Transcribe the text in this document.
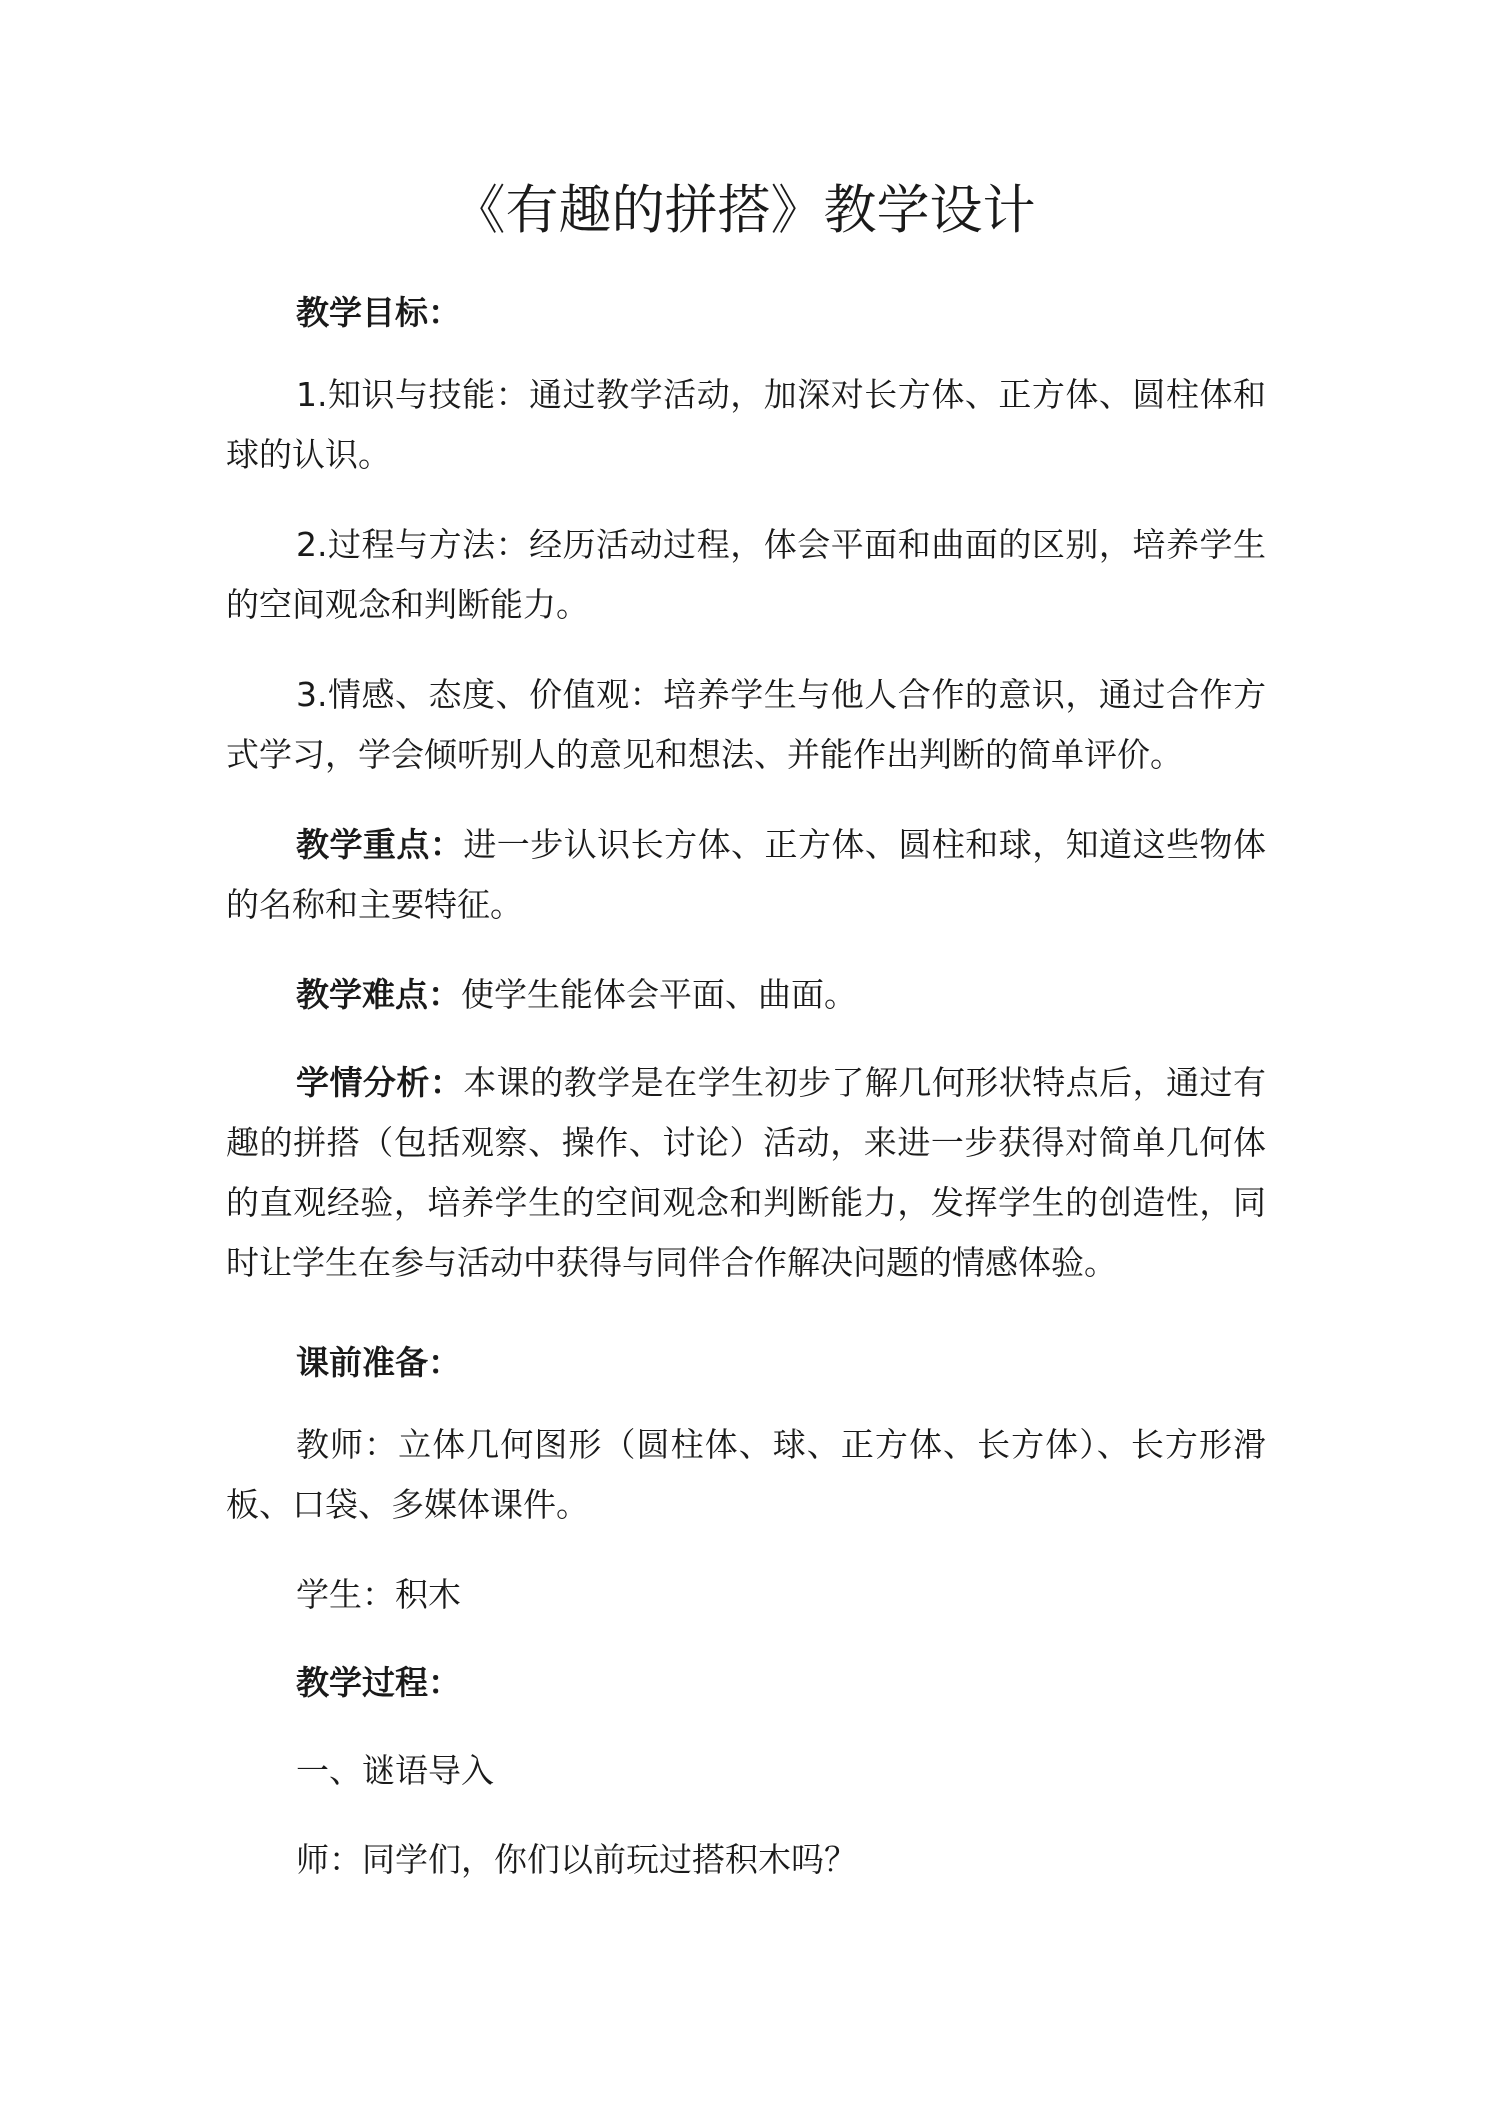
《有趣的拼搭》教学设计

教学目标：

1.知识与技能：通过教学活动，加深对长方体、正方体、圆柱体和球的认识。

2.过程与方法：经历活动过程，体会平面和曲面的区别，培养学生的空间观念和判断能力。

3.情感、态度、价值观：培养学生与他人合作的意识，通过合作方式学习，学会倾听别人的意见和想法、并能作出判断的简单评价。

教学重点：进一步认识长方体、正方体、圆柱和球，知道这些物体的名称和主要特征。

教学难点：使学生能体会平面、曲面。

学情分析：本课的教学是在学生初步了解几何形状特点后，通过有趣的拼搭（包括观察、操作、讨论）活动，来进一步获得对简单几何体的直观经验，培养学生的空间观念和判断能力，发挥学生的创造性，同时让学生在参与活动中获得与同伴合作解决问题的情感体验。

课前准备：

教师：立体几何图形（圆柱体、球、正方体、长方体）、长方形滑板、口袋、多媒体课件。

学生：积木

教学过程：

一、谜语导入

师：同学们，你们以前玩过搭积木吗？
